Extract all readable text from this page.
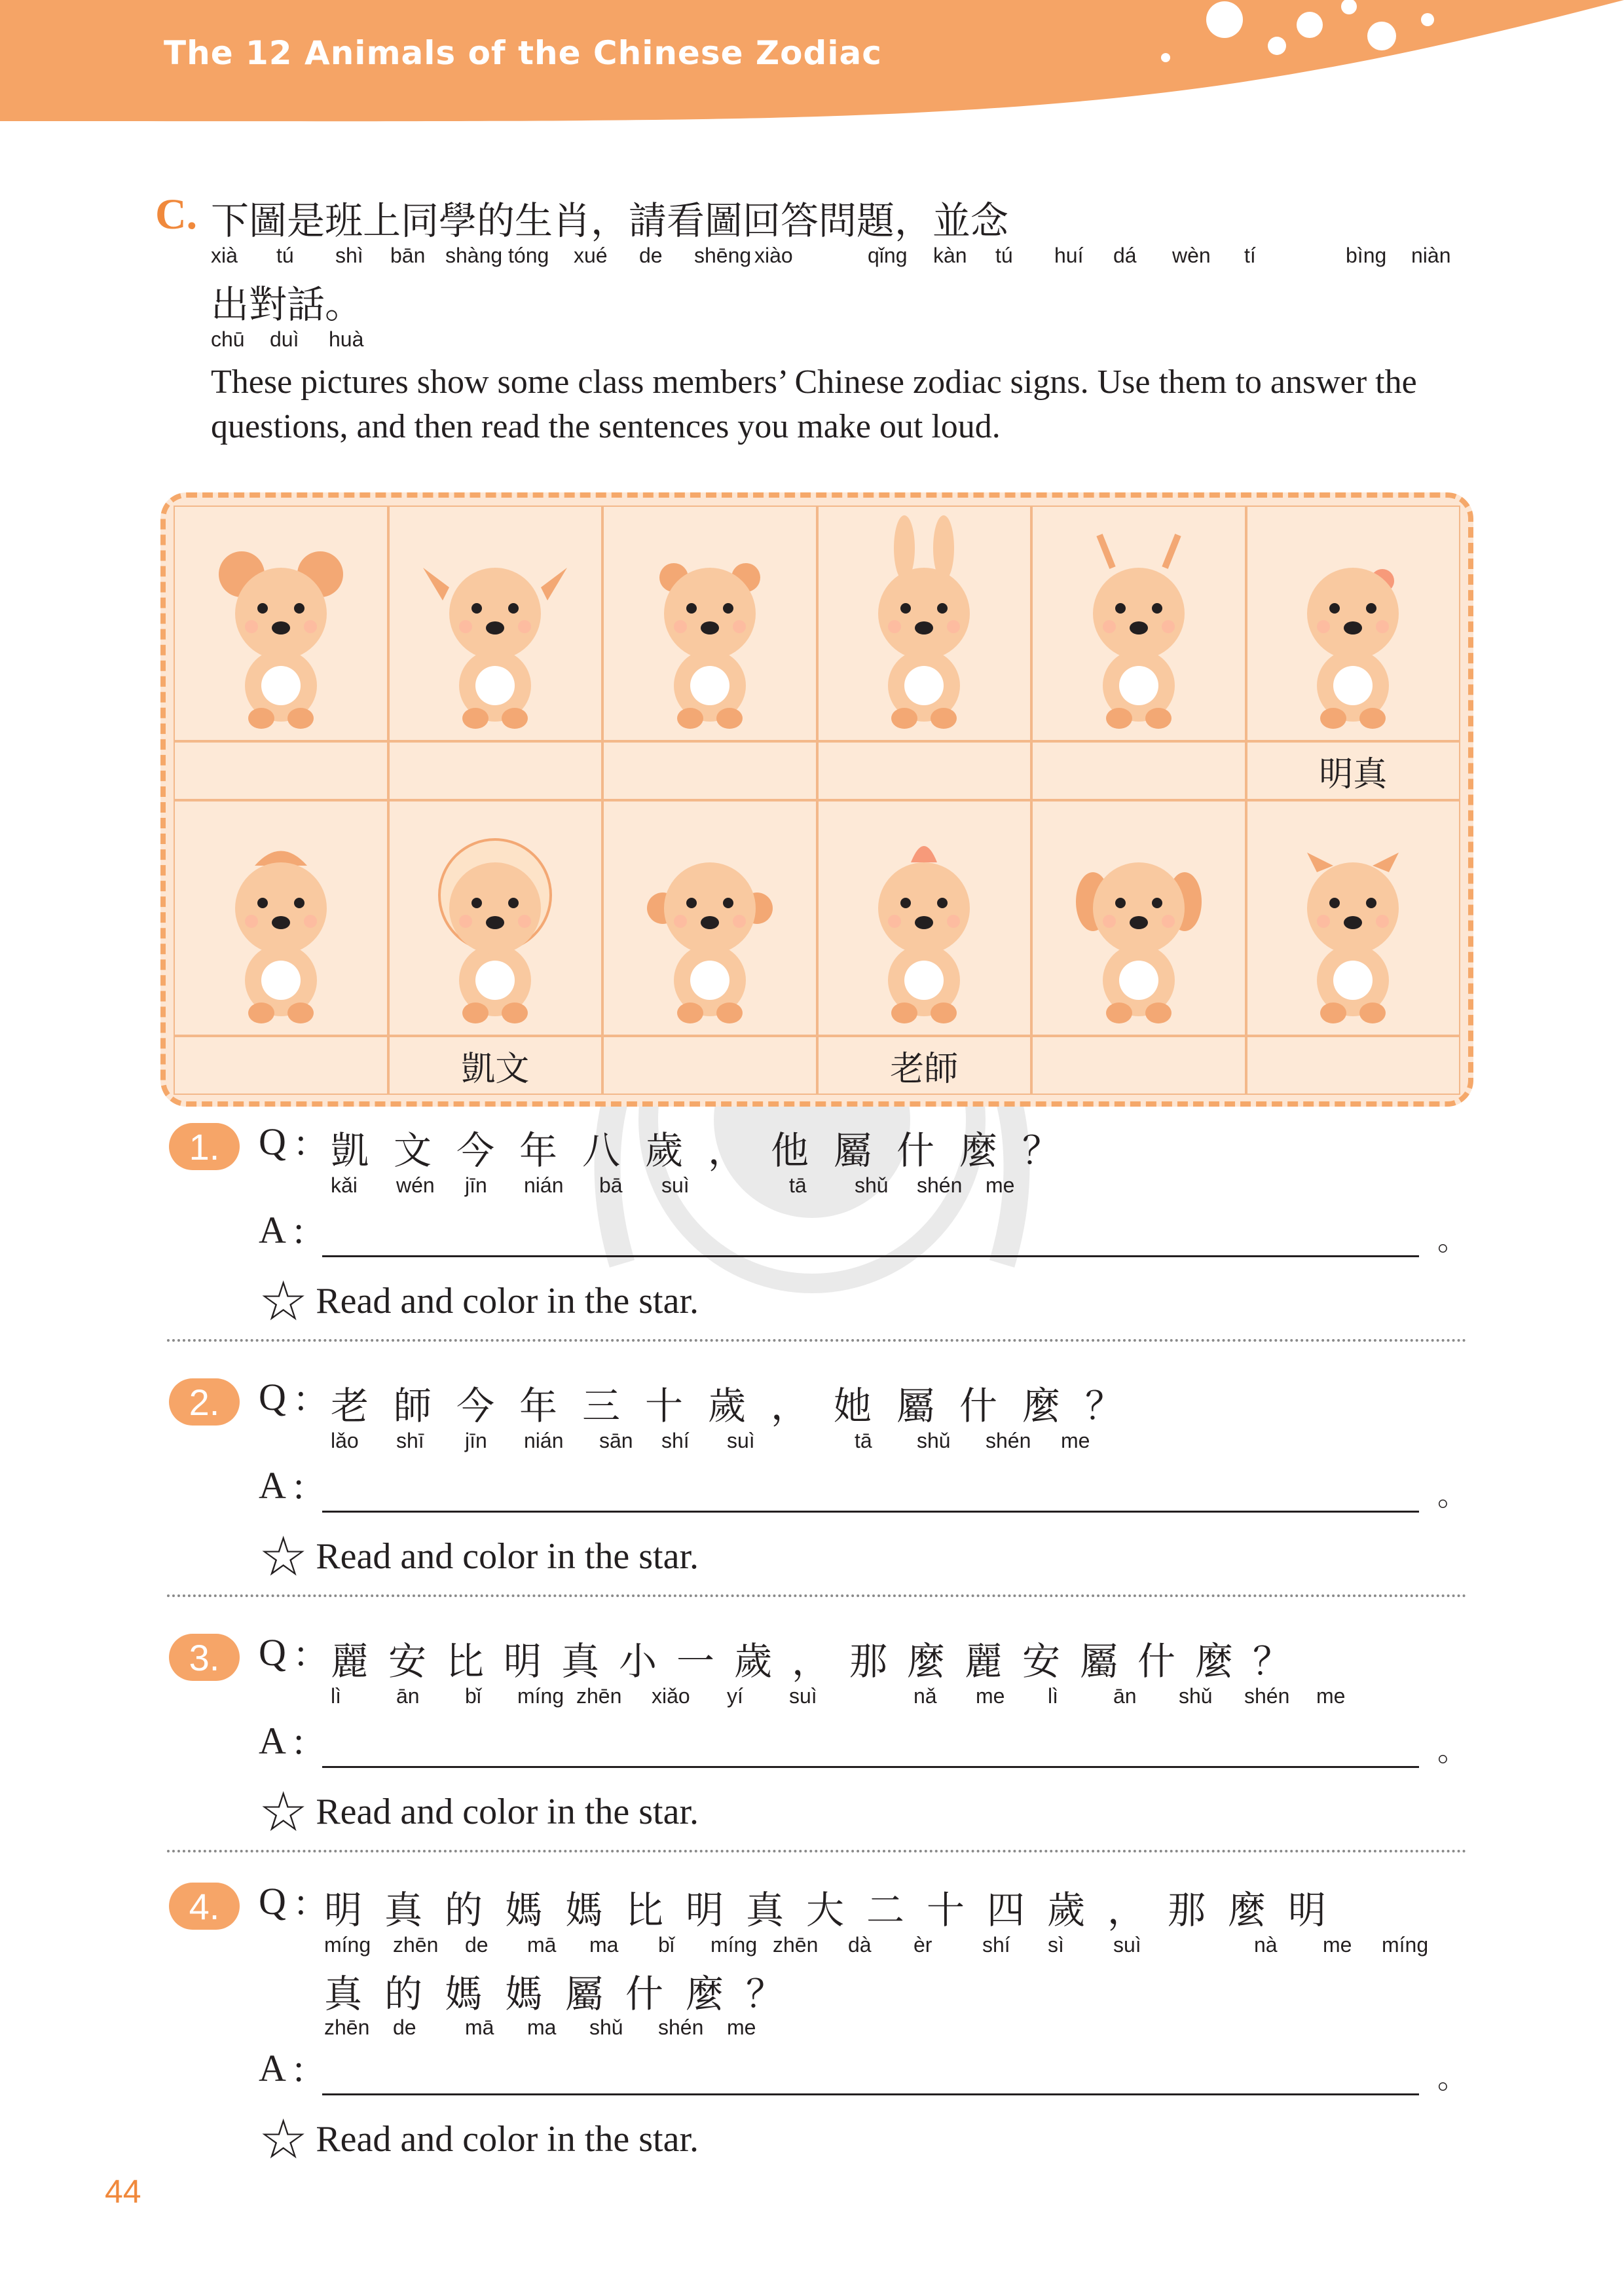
The 12 Animals of the Chinese Zodiac
C. 下圖是班上同學的生肖，請看圖回答問題，並念
xià tú shì bān shàng tóng xué de shēng xiào	qǐng kàn tú huí dá wèn tí	bìng niàn
出對話。
chū duì huà
These pictures show some class members’ Chinese zodiac signs. Use them to answer the questions, and then read the sentences you make out loud.
明真
凱文	老師
1.	Q : 凱文今年八歲，他屬什麼？
kǎi wén jīn nián bā suì	tā shǔ shén me
A :	。
☆ Read and color in the star.
2.	Q : 老師今年三十歲，她屬什麼？
lǎo shī jīn nián sān shí suì	tā shǔ shén me
A :	。
☆ Read and color in the star.
3.	Q : 麗安比明真小一歲，那麼麗安屬什麼？
lì	ān bǐ míng zhēn xiǎo yí suì	nǎ me lì	ān shǔ shén me
A :	。
☆ Read and color in the star.
4.	Q : 明真的媽媽比明真大二十四歲，那麼明
míng zhēn de mā ma bǐ míng zhēn dà èr shí sì suì	nà me míng
真的媽媽屬什麼？
zhēn de mā ma shǔ shén me
A :	。
☆ Read and color in the star.
44
